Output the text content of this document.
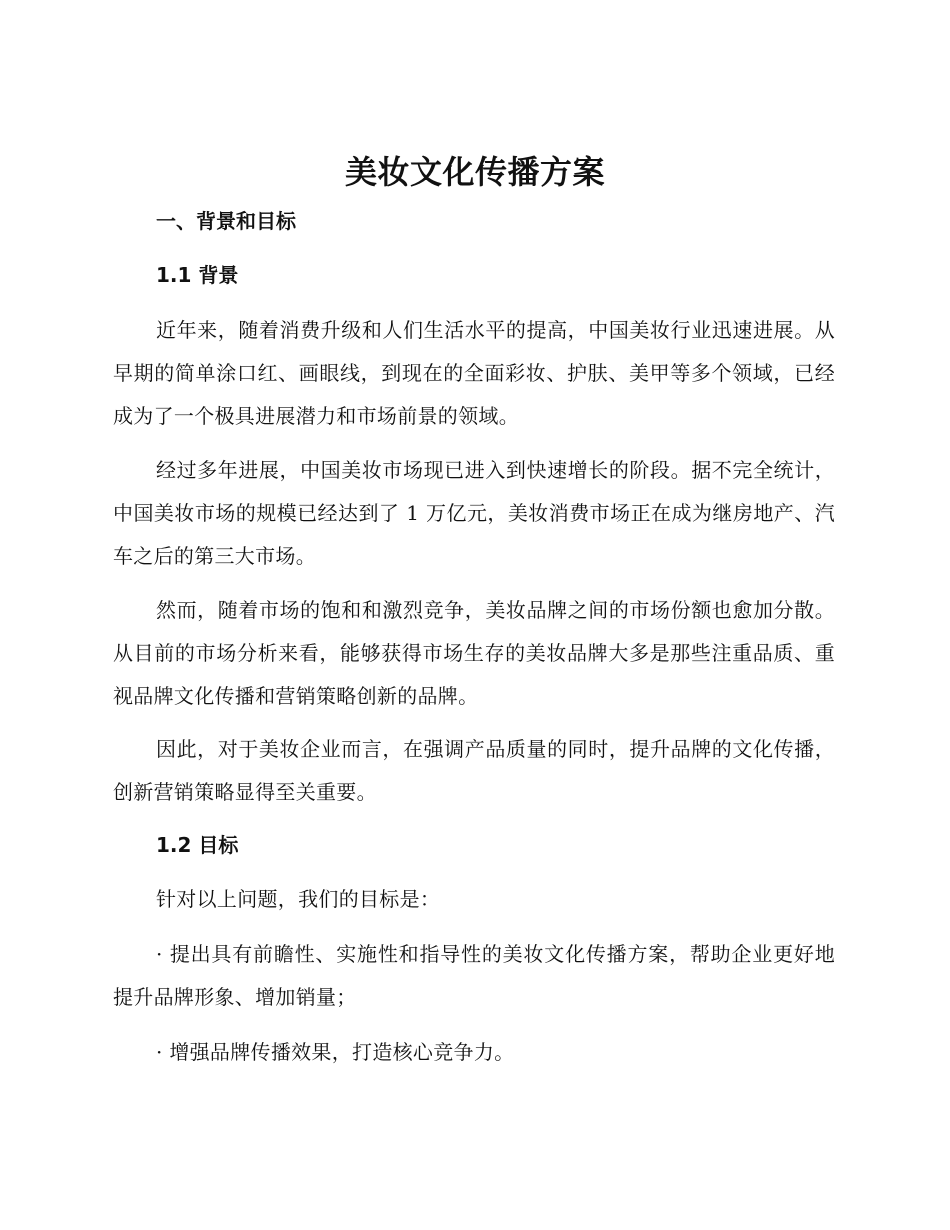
美妆文化传播方案
一、背景和目标
1.1 背景

近年来，随着消费升级和人们生活水平的提高，中国美妆行业迅速进展。从早期的简单涂口红、画眼线，到现在的全面彩妆、护肤、美甲等多个领域，已经成为了一个极具进展潜力和市场前景的领域。

经过多年进展，中国美妆市场现已进入到快速增长的阶段。据不完全统计，中国美妆市场的规模已经达到了 1 万亿元，美妆消费市场正在成为继房地产、汽车之后的第三大市场。

然而，随着市场的饱和和激烈竞争，美妆品牌之间的市场份额也愈加分散。从目前的市场分析来看，能够获得市场生存的美妆品牌大多是那些注重品质、重视品牌文化传播和营销策略创新的品牌。

因此，对于美妆企业而言，在强调产品质量的同时，提升品牌的文化传播，创新营销策略显得至关重要。

1.2 目标

针对以上问题，我们的目标是：

· 提出具有前瞻性、实施性和指导性的美妆文化传播方案，帮助企业更好地提升品牌形象、增加销量；

· 增强品牌传播效果，打造核心竞争力。
